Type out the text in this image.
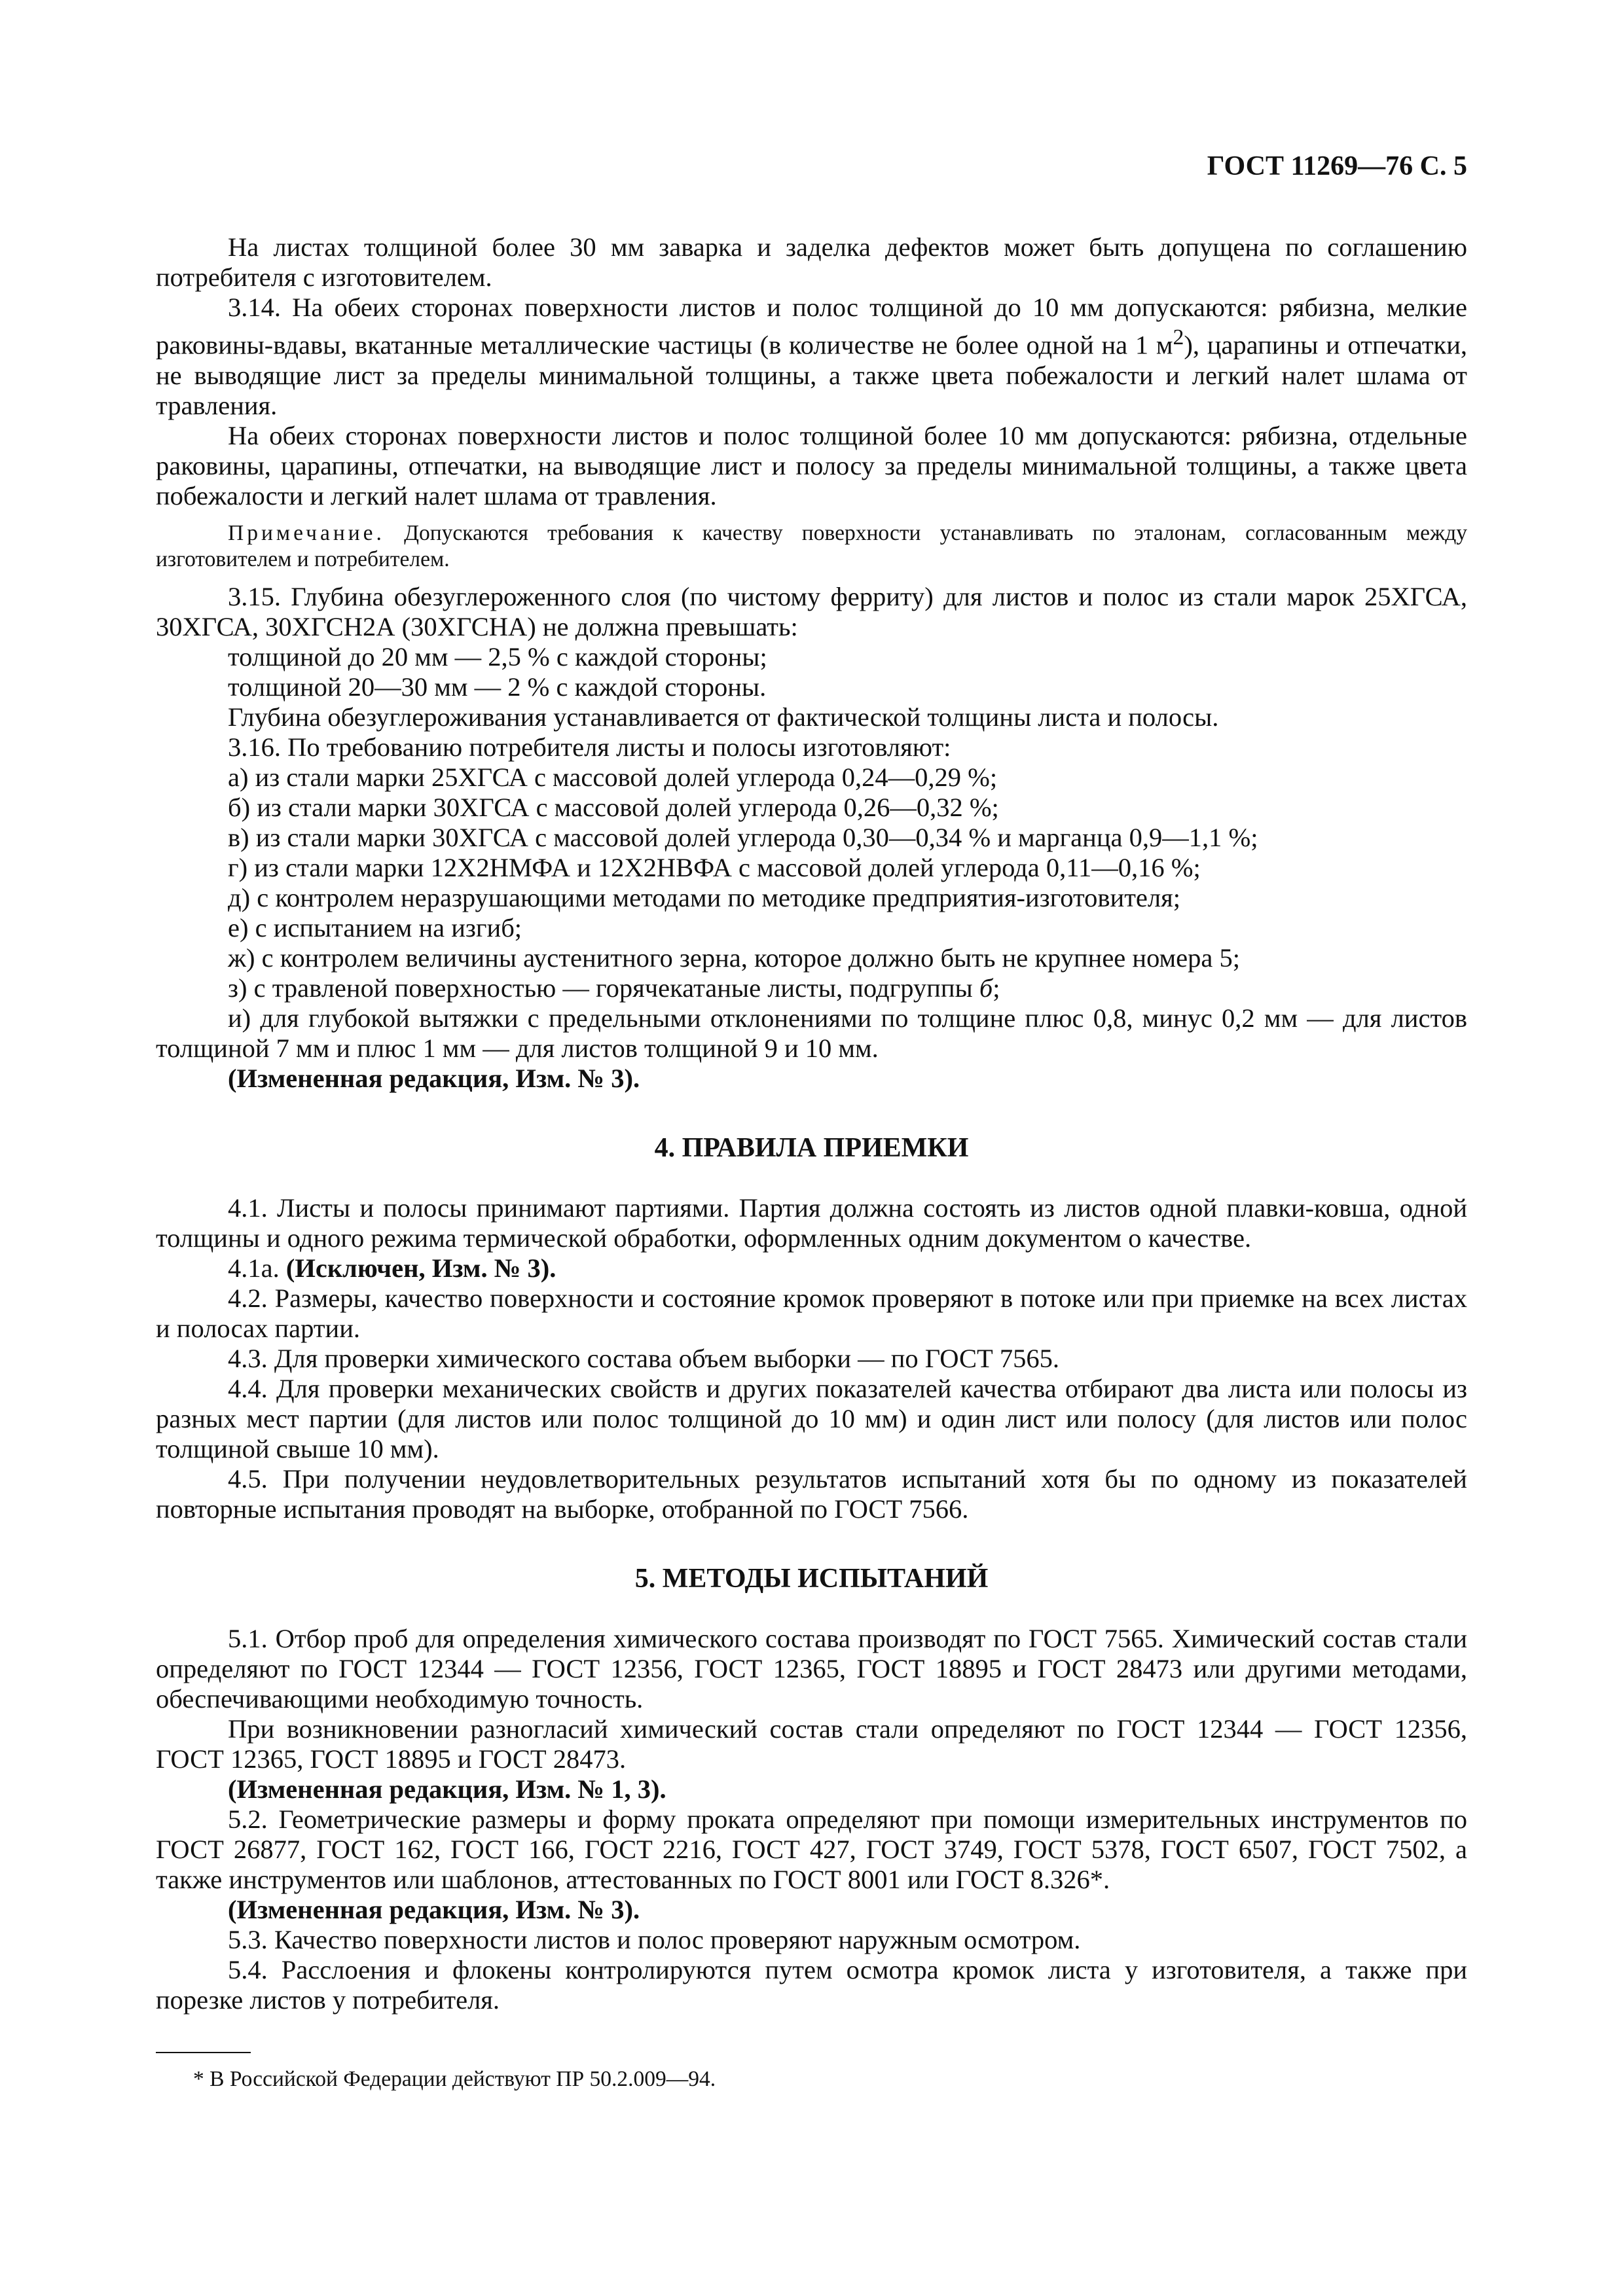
ГОСТ 11269—76 С. 5

На листах толщиной более 30 мм заварка и заделка дефектов может быть допущена по соглашению потребителя с изготовителем.

3.14. На обеих сторонах поверхности листов и полос толщиной до 10 мм допускаются: рябизна, мелкие раковины-вдавы, вкатанные металлические частицы (в количестве не более одной на 1 $м^2$), царапины и отпечатки, не выводящие лист за пределы минимальной толщины, а также цвета побежалости и легкий налет шлама от травления.

На обеих сторонах поверхности листов и полос толщиной более 10 мм допускаются: рябизна, отдельные раковины, царапины, отпечатки, на выводящие лист и полосу за пределы минимальной толщины, а также цвета побежалости и легкий налет шлама от травления.

Примечание. Допускаются требования к качеству поверхности устанавливать по эталонам, согласованным между изготовителем и потребителем.

3.15. Глубина обезуглероженного слоя (по чистому ферриту) для листов и полос из стали марок 25ХГСА, 30ХГСА, 30ХГСН2А (30ХГСНА) не должна превышать:

толщиной до 20 мм — 2,5 % с каждой стороны;

толщиной 20—30 мм — 2 % с каждой стороны.

Глубина обезуглероживания устанавливается от фактической толщины листа и полосы.

3.16. По требованию потребителя листы и полосы изготовляют:

а) из стали марки 25ХГСА с массовой долей углерода 0,24—0,29 %;

б) из стали марки 30ХГСА с массовой долей углерода 0,26—0,32 %;

в) из стали марки 30ХГСА с массовой долей углерода 0,30—0,34 % и марганца 0,9—1,1 %;

г) из стали марки 12Х2НМФА и 12Х2НВФА с массовой долей углерода 0,11—0,16 %;

д) с контролем неразрушающими методами по методике предприятия-изготовителя;

е) с испытанием на изгиб;

ж) с контролем величины аустенитного зерна, которое должно быть не крупнее номера 5;

з) с травленой поверхностью — горячекатаные листы, подгруппы б;

и) для глубокой вытяжки с предельными отклонениями по толщине плюс 0,8, минус 0,2 мм — для листов толщиной 7 мм и плюс 1 мм — для листов толщиной 9 и 10 мм.

(Измененная редакция, Изм. № 3).

4. ПРАВИЛА ПРИЕМКИ

4.1. Листы и полосы принимают партиями. Партия должна состоять из листов одной плавки-ковша, одной толщины и одного режима термической обработки, оформленных одним документом о качестве.

4.1а. (Исключен, Изм. № 3).

4.2. Размеры, качество поверхности и состояние кромок проверяют в потоке или при приемке на всех листах и полосах партии.

4.3. Для проверки химического состава объем выборки — по ГОСТ 7565.

4.4. Для проверки механических свойств и других показателей качества отбирают два листа или полосы из разных мест партии (для листов или полос толщиной до 10 мм) и один лист или полосу (для листов или полос толщиной свыше 10 мм).

4.5. При получении неудовлетворительных результатов испытаний хотя бы по одному из показателей повторные испытания проводят на выборке, отобранной по ГОСТ 7566.

5. МЕТОДЫ ИСПЫТАНИЙ

5.1. Отбор проб для определения химического состава производят по ГОСТ 7565. Химический состав стали определяют по ГОСТ 12344 — ГОСТ 12356, ГОСТ 12365, ГОСТ 18895 и ГОСТ 28473 или другими методами, обеспечивающими необходимую точность.

При возникновении разногласий химический состав стали определяют по ГОСТ 12344 — ГОСТ 12356, ГОСТ 12365, ГОСТ 18895 и ГОСТ 28473.

(Измененная редакция, Изм. № 1, 3).

5.2. Геометрические размеры и форму проката определяют при помощи измерительных инструментов по ГОСТ 26877, ГОСТ 162, ГОСТ 166, ГОСТ 2216, ГОСТ 427, ГОСТ 3749, ГОСТ 5378, ГОСТ 6507, ГОСТ 7502, а также инструментов или шаблонов, аттестованных по ГОСТ 8001 или ГОСТ 8.326*.

(Измененная редакция, Изм. № 3).

5.3. Качество поверхности листов и полос проверяют наружным осмотром.

5.4. Расслоения и флокены контролируются путем осмотра кромок листа у изготовителя, а также при порезке листов у потребителя.

* В Российской Федерации действуют ПР 50.2.009—94.
